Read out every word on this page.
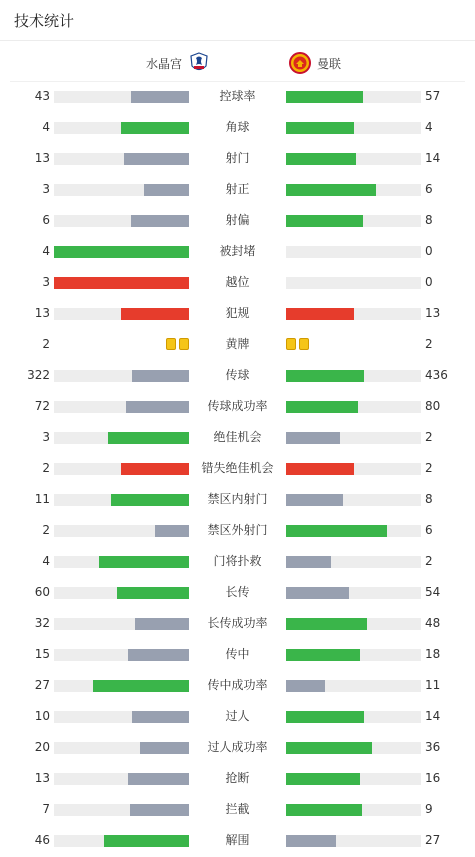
技术统计
水晶宫	曼联
43	控球率	57
4	角球	4
13	射门	14
3	射正	6
6	射偏	8
4	被封堵	0
3	越位	0
13	犯规	13
2	黄牌	2
322	传球	436
72	传球成功率	80
3	绝佳机会	2
2	错失绝佳机会	2
11	禁区内射门	8
2	禁区外射门	6
4	门将扑救	2
60	长传	54
32	长传成功率	48
15	传中	18
27	传中成功率	11
10	过人	14
20	过人成功率	36
13	抢断	16
7	拦截	9
46	解围	27
